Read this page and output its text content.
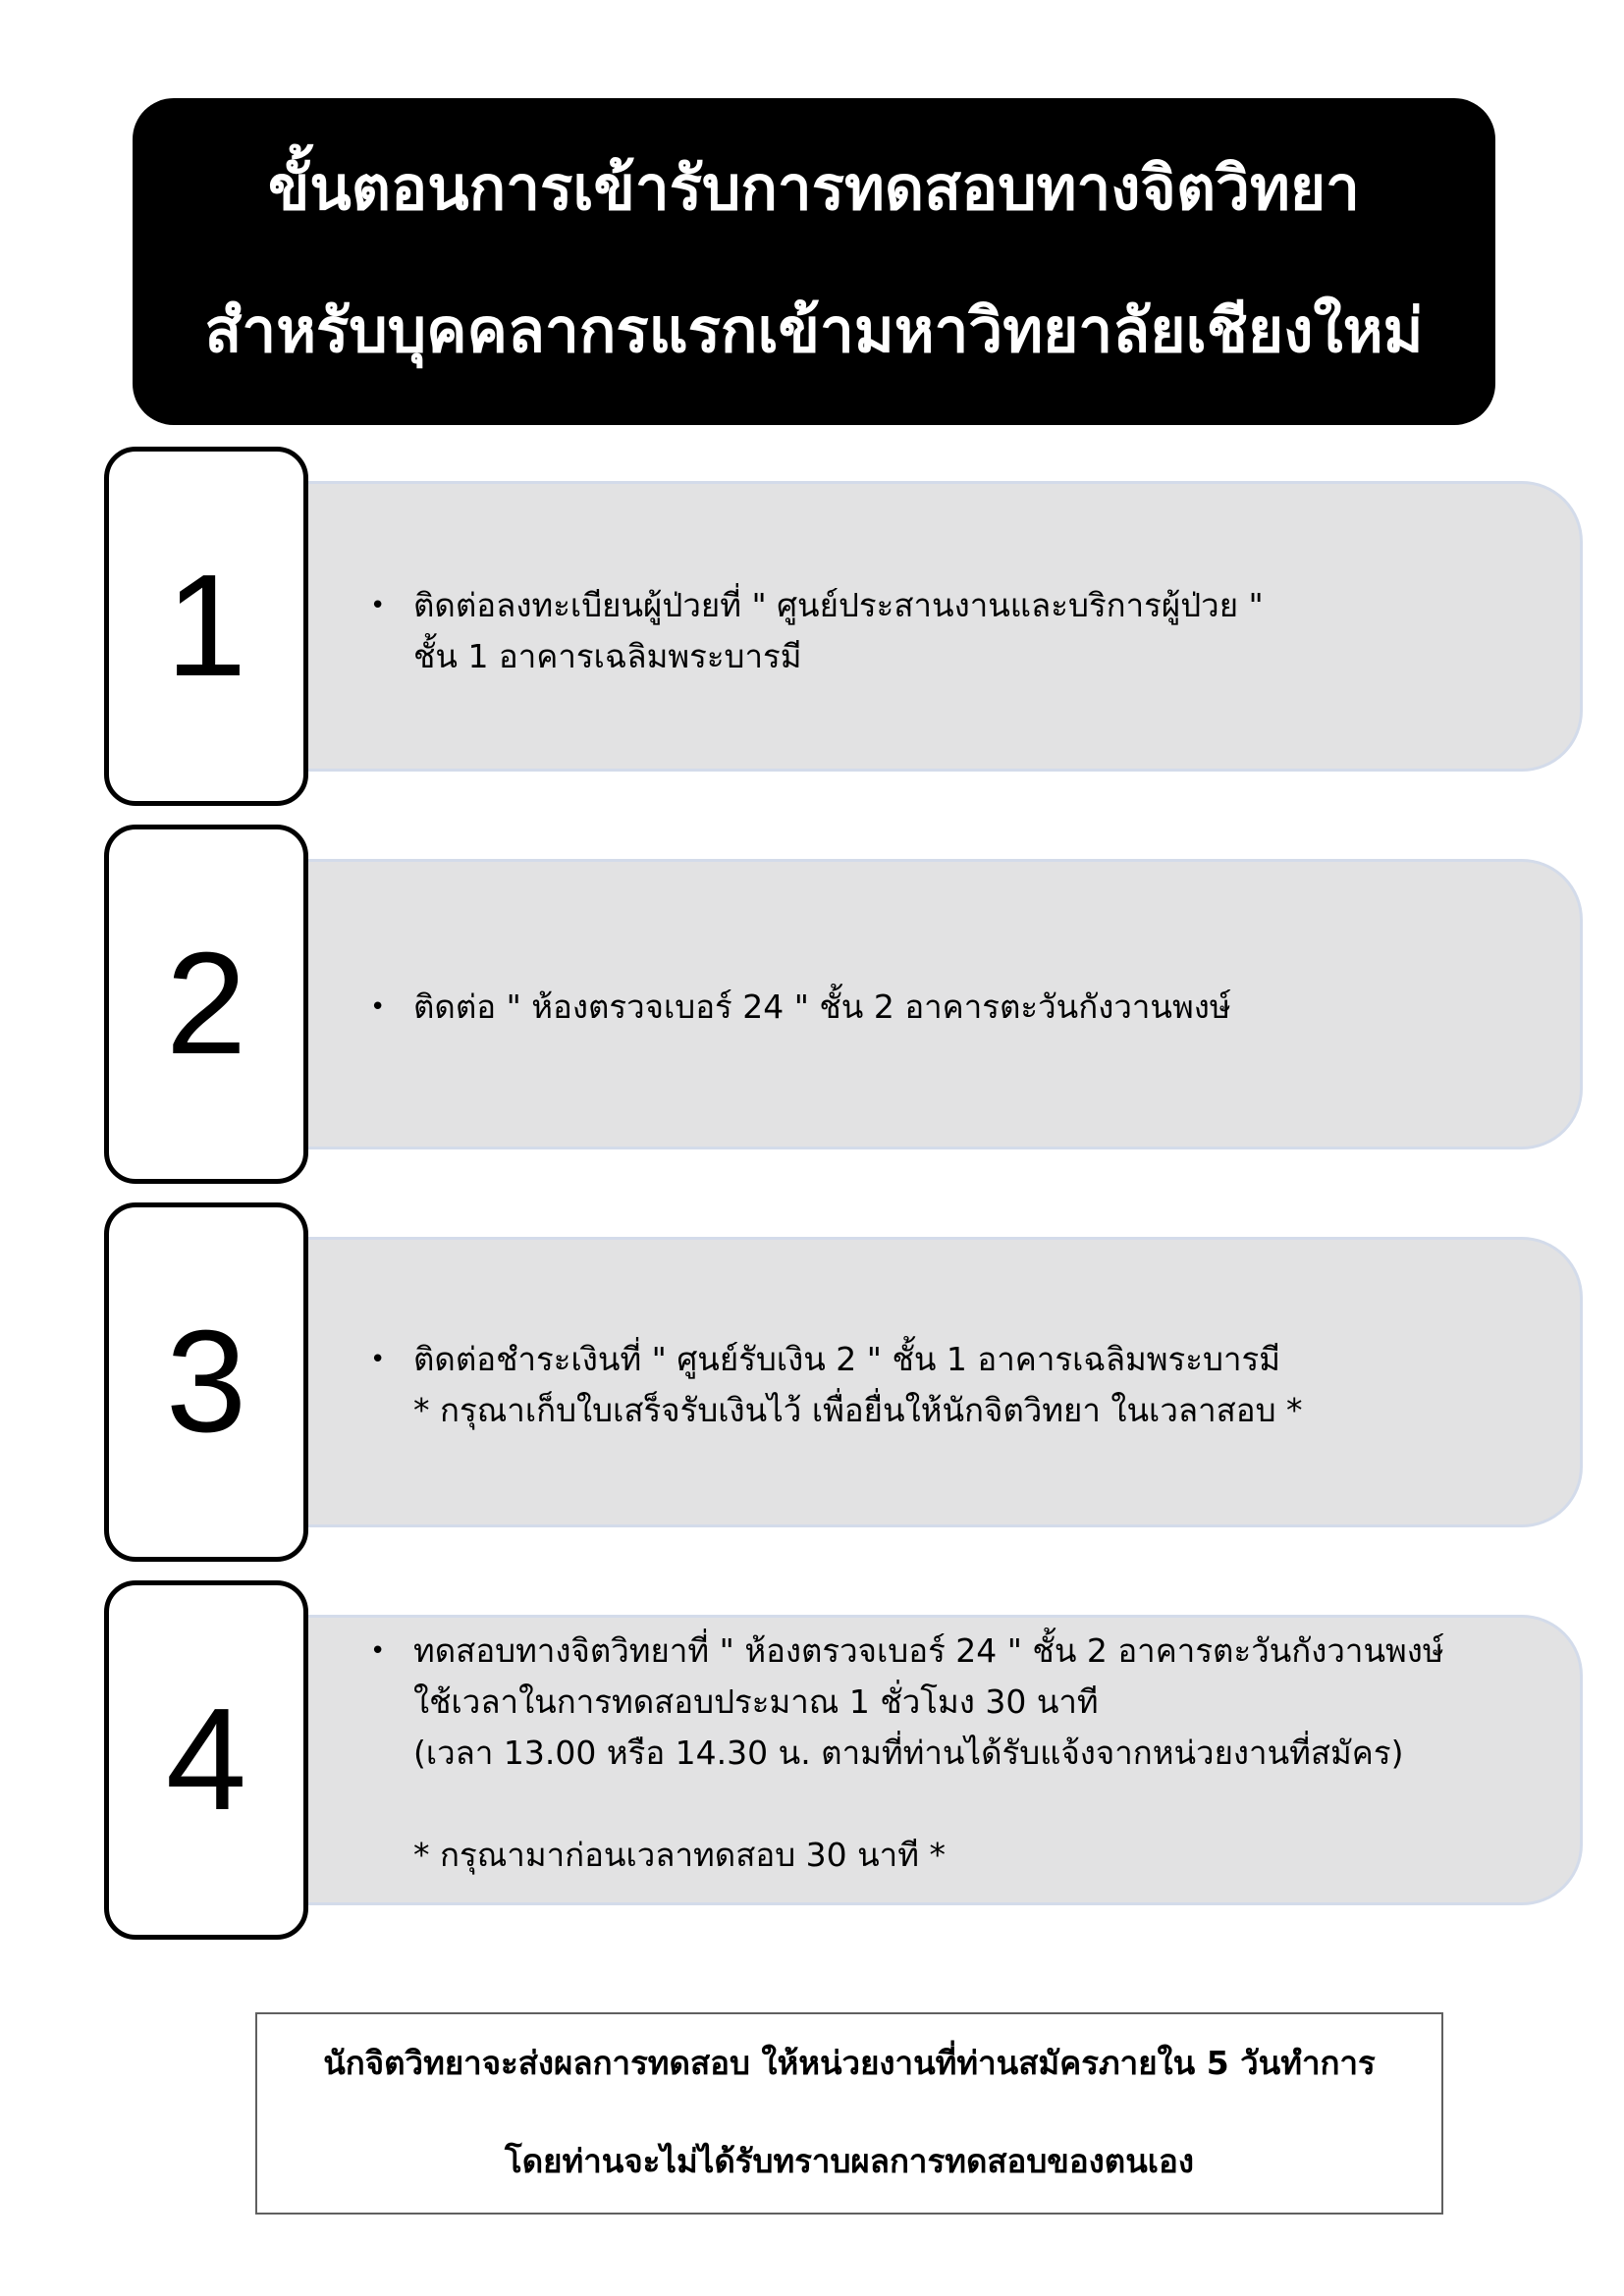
ขั้นตอนการเข้ารับการทดสอบทางจิตวิทยา
สำหรับบุคคลากรแรกเข้ามหาวิทยาลัยเชียงใหม่
• ติดต่อลงทะเบียนผู้ป่วยที่ " ศูนย์ประสานงานและบริการผู้ป่วย "
ชั้น 1 อาคารเฉลิมพระบารมี
1
• ติดต่อ " ห้องตรวจเบอร์ 24 " ชั้น 2 อาคารตะวันกังวานพงษ์
2
• ติดต่อชำระเงินที่ " ศูนย์รับเงิน 2 " ชั้น 1 อาคารเฉลิมพระบารมี
* กรุณาเก็บใบเสร็จรับเงินไว้ เพื่อยื่นให้นักจิตวิทยา ในเวลาสอบ *
3
• ทดสอบทางจิตวิทยาที่ " ห้องตรวจเบอร์ 24 " ชั้น 2 อาคารตะวันกังวานพงษ์
ใช้เวลาในการทดสอบประมาณ 1 ชั่วโมง 30 นาที
(เวลา 13.00 หรือ 14.30 น. ตามที่ท่านได้รับแจ้งจากหน่วยงานที่สมัคร)
* กรุณามาก่อนเวลาทดสอบ 30 นาที *
4
นักจิตวิทยาจะส่งผลการทดสอบ ให้หน่วยงานที่ท่านสมัครภายใน 5 วันทำการ
โดยท่านจะไม่ได้รับทราบผลการทดสอบของตนเอง
